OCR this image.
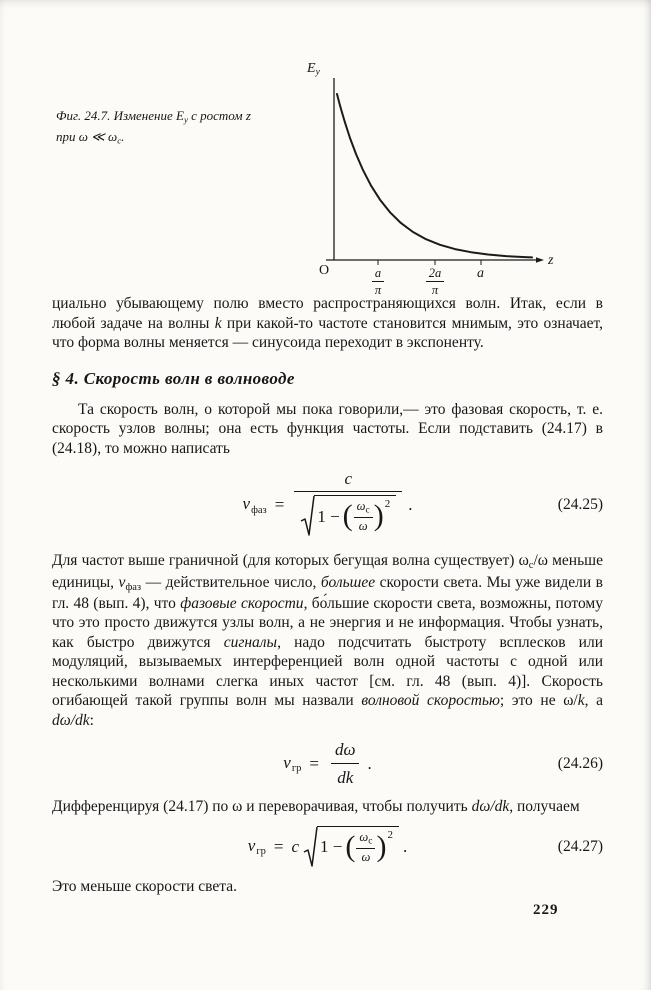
Фиг. 24.7. Изменение $E_y$ с ростом z при ω ≪ $\omega_c$.
$E_y$
O	$\frac{a}{\pi}$	$\frac{2a}{\pi}$ a
z

циально убывающему полю вместо распространяющихся волн. Итак, если в любой задаче на волны k при какой-то частоте становится мнимым, это означает, что форма волны меняется — синусоида переходит в экспоненту.

§ 4. Скорость волн в волноводе

Та скорость волн, о которой мы пока говорили,— это фазовая скорость, т. е. скорость узлов волны; она есть функция частоты. Если подставить (24.17) в (24.18), то можно написать

$v_{фаз}$ =
c
1 − ( $\omega_c$
ω ) 2 .	(24.25)

Для частот выше граничной (для которых бегущая волна существует) $\omega_c/\omega$ меньше единицы, $v_{фаз}$ — действительное число, большее скорости света. Мы уже видели в гл. 48 (вып. 4), что фазовые скорости, бо́льшие скорости света, возможны, потому что это просто движутся узлы волн, а не энергия и не информация. Чтобы узнать, как быстро движутся сигналы, надо подсчитать быстроту всплесков или модуляций, вызываемых интерференцией волн одной частоты с одной или несколькими волнами слегка иных частот [см. гл. 48 (вып. 4)]. Скорость огибающей такой группы волн мы назвали волновой скоростью; это не ω/k, а dω/dk:

$v_{гр} = \frac{d\omega}{dk}$ .	(24.26)

Дифференцируя (24.17) по ω и переворачивая, чтобы получить dω/dk, получаем

$v_{гр} = c$ 1 − ( $\omega_c$
ω ) 2
.	(24.27)

Это меньше скорости света.

229
